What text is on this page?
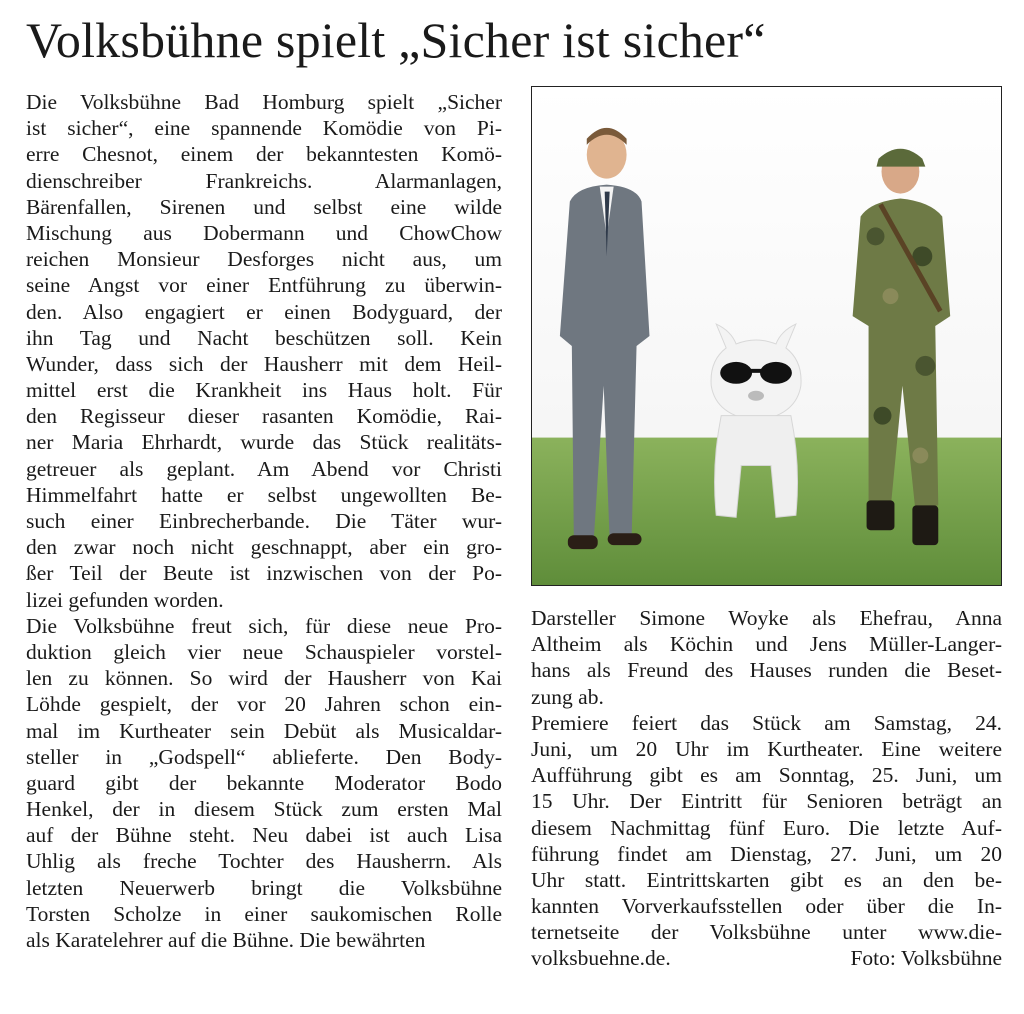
Volksbühne spielt „Sicher ist sicher“
Die Volksbühne Bad Homburg spielt „Sicher
ist sicher“, eine spannende Komödie von Pi-
erre Chesnot, einem der bekanntesten Komö-
dienschreiber Frankreichs. Alarmanlagen,
Bärenfallen, Sirenen und selbst eine wilde
Mischung aus Dobermann und ChowChow
reichen Monsieur Desforges nicht aus, um
seine Angst vor einer Entführung zu überwin-
den. Also engagiert er einen Bodyguard, der
ihn Tag und Nacht beschützen soll. Kein
Wunder, dass sich der Hausherr mit dem Heil-
mittel erst die Krankheit ins Haus holt. Für
den Regisseur dieser rasanten Komödie, Rai-
ner Maria Ehrhardt, wurde das Stück realitäts-
getreuer als geplant. Am Abend vor Christi
Himmelfahrt hatte er selbst ungewollten Be-
such einer Einbrecherbande. Die Täter wur-
den zwar noch nicht geschnappt, aber ein gro-
ßer Teil der Beute ist inzwischen von der Po-
lizei gefunden worden.
Die Volksbühne freut sich, für diese neue Pro-
duktion gleich vier neue Schauspieler vorstel-
len zu können. So wird der Hausherr von Kai
Löhde gespielt, der vor 20 Jahren schon ein-
mal im Kurtheater sein Debüt als Musicaldar-
steller in „Godspell“ ablieferte. Den Body-
guard gibt der bekannte Moderator Bodo
Henkel, der in diesem Stück zum ersten Mal
auf der Bühne steht. Neu dabei ist auch Lisa
Uhlig als freche Tochter des Hausherrn. Als
letzten Neuerwerb bringt die Volksbühne
Torsten Scholze in einer saukomischen Rolle
als Karatelehrer auf die Bühne. Die bewährten
Darsteller Simone Woyke als Ehefrau, Anna
Altheim als Köchin und Jens Müller-Langer-
hans als Freund des Hauses runden die Beset-
zung ab.
Premiere feiert das Stück am Samstag, 24.
Juni, um 20 Uhr im Kurtheater. Eine weitere
Aufführung gibt es am Sonntag, 25. Juni, um
15 Uhr. Der Eintritt für Senioren beträgt an
diesem Nachmittag fünf Euro. Die letzte Auf-
führung findet am Dienstag, 27. Juni, um 20
Uhr statt. Eintrittskarten gibt es an den be-
kannten Vorverkaufsstellen oder über die In-
ternetseite der Volksbühne unter www.die-
volksbuehne.de.	Foto: Volksbühne
